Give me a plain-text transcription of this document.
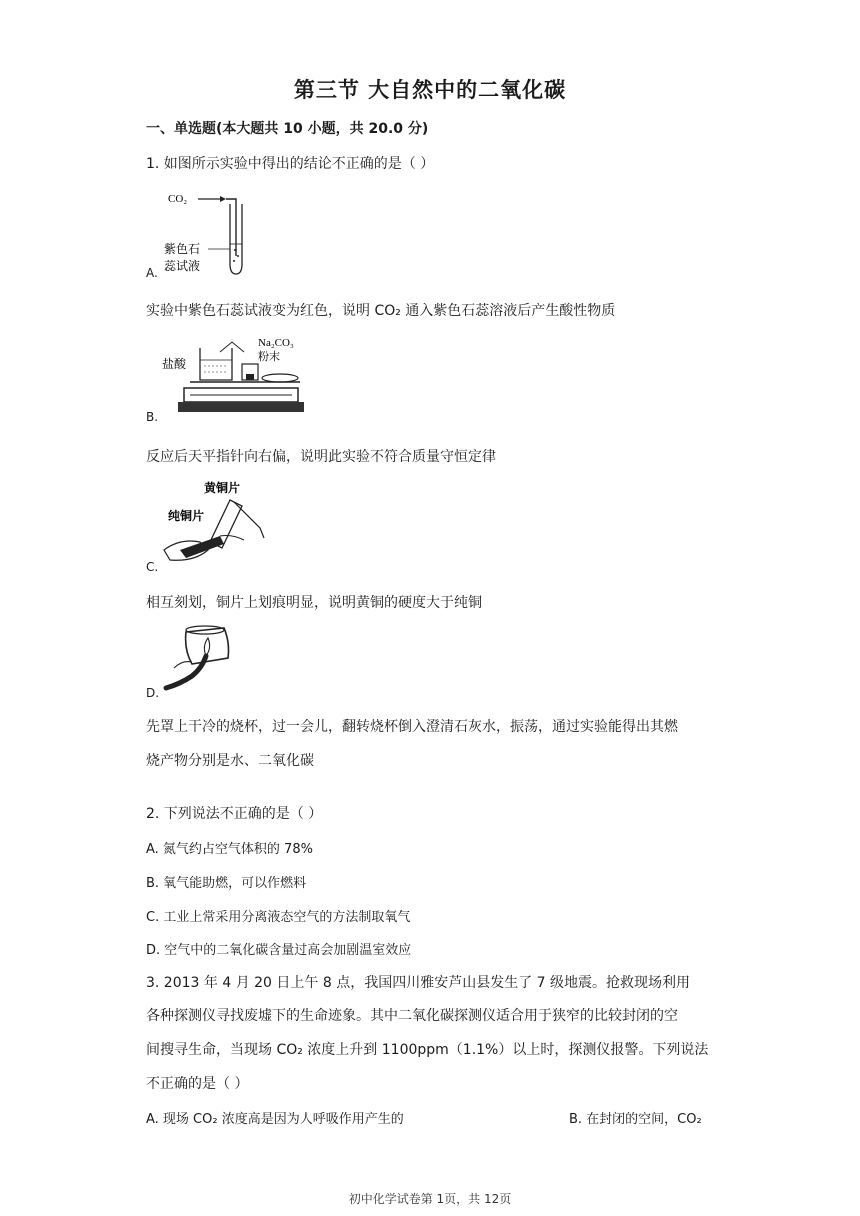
第三节 大自然中的二氧化碳
一、单选题(本大题共 10 小题，共 20.0 分)
1. 如图所示实验中得出的结论不正确的是（ ）
CO₂
紫色石
蕊试液
A.
实验中紫色石蕊试液变为红色，说明 CO₂ 通入紫色石蕊溶液后产生酸性物质
Na₂CO₃
粉末
盐酸
B.
反应后天平指针向右偏，说明此实验不符合质量守恒定律
黄铜片
纯铜片
C.
相互刻划，铜片上划痕明显，说明黄铜的硬度大于纯铜
D.
先罩上干冷的烧杯，过一会儿，翻转烧杯倒入澄清石灰水，振荡，通过实验能得出其燃
烧产物分别是水、二氧化碳
2. 下列说法不正确的是（ ）
A. 氮气约占空气体积的 78%
B. 氧气能助燃，可以作燃料
C. 工业上常采用分离液态空气的方法制取氧气
D. 空气中的二氧化碳含量过高会加剧温室效应
3. 2013 年 4 月 20 日上午 8 点，我国四川雅安芦山县发生了 7 级地震。抢救现场利用
各种探测仪寻找废墟下的生命迹象。其中二氧化碳探测仪适合用于狭窄的比较封闭的空
间搜寻生命，当现场 CO₂ 浓度上升到 1100ppm（1.1%）以上时，探测仪报警。下列说法
不正确的是（ ）
A. 现场 CO₂ 浓度高是因为人呼吸作用产生的	B. 在封闭的空间，CO₂
初中化学试卷第 1页，共 12页
